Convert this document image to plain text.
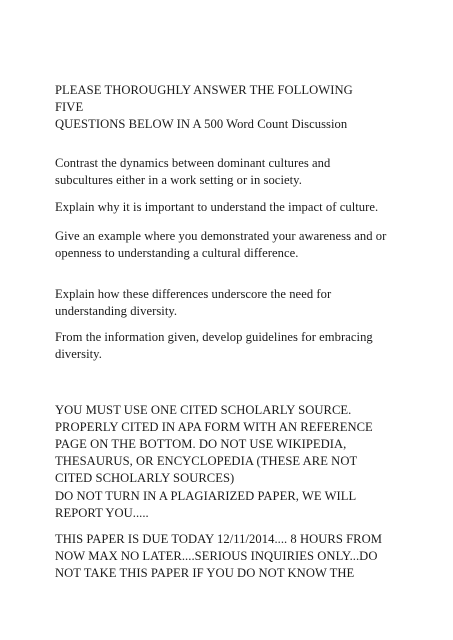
PLEASE THOROUGHLY ANSWER THE FOLLOWING
FIVE
QUESTIONS BELOW IN A 500 Word Count Discussion

Contrast the dynamics between dominant cultures and
subcultures either in a work setting or in society.

Explain why it is important to understand the impact of culture.

Give an example where you demonstrated your awareness and or
openness to understanding a cultural difference.

Explain how these differences underscore the need for
understanding diversity.

From the information given, develop guidelines for embracing
diversity.

YOU MUST USE ONE CITED SCHOLARLY SOURCE.
PROPERLY CITED IN APA FORM WITH AN REFERENCE
PAGE ON THE BOTTOM. DO NOT USE WIKIPEDIA,
THESAURUS, OR ENCYCLOPEDIA (THESE ARE NOT
CITED SCHOLARLY SOURCES)

DO NOT TURN IN A PLAGIARIZED PAPER, WE WILL
REPORT YOU.....

THIS PAPER IS DUE TODAY 12/11/2014.... 8 HOURS FROM
NOW MAX NO LATER....SERIOUS INQUIRIES ONLY...DO
NOT TAKE THIS PAPER IF YOU DO NOT KNOW THE
